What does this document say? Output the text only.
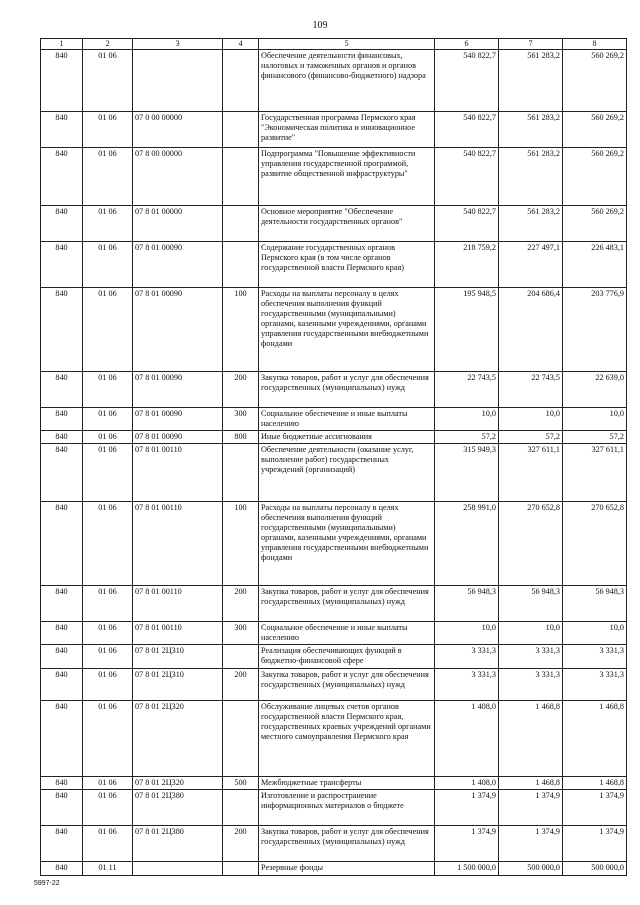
109
1	2	3	4	5	6	7	8
840	01 06			Обеспечение деятельности финансовых, налоговых и таможенных органов и органов финансового (финансово-бюджетного) надзора	540 822,7	561 283,2	560 269,2
840	01 06	07 0 00 00000		Государственная программа Пермского края "Экономическая политика и инновационное развитие"	540 822,7	561 283,2	560 269,2
840	01 06	07 8 00 00000		Подпрограмма "Повышение эффективности управления государственной программой, развитие общественной инфраструктуры"	540 822,7	561 283,2	560 269,2
840	01 06	07 8 01 00000		Основное мероприятие "Обеспечение деятельности государственных органов"	540 822,7	561 283,2	560 269,2
840	01 06	07 8 01 00090		Содержание государственных органов Пермского края (в том числе органов государственной власти Пермского края)	218 759,2	227 497,1	226 483,1
840	01 06	07 8 01 00090	100	Расходы на выплаты персоналу в целях обеспечения выполнения функций государственными (муниципальными) органами, казенными учреждениями, органами управления государственными внебюджетными фондами	195 948,5	204 686,4	203 776,9
840	01 06	07 8 01 00090	200	Закупка товаров, работ и услуг для обеспечения государственных (муниципальных) нужд	22 743,5	22 743,5	22 639,0
840	01 06	07 8 01 00090	300	Социальное обеспечение и иные выплаты населению	10,0	10,0	10,0
840	01 06	07 8 01 00090	800	Иные бюджетные ассигнования	57,2	57,2	57,2
840	01 06	07 8 01 00110		Обеспечение деятельности (оказание услуг, выполнение работ) государственных учреждений (организаций)	315 949,3	327 611,1	327 611,1
840	01 06	07 8 01 00110	100	Расходы на выплаты персоналу в целях обеспечения выполнения функций государственными (муниципальными) органами, казенными учреждениями, органами управления государственными внебюджетными фондами	258 991,0	270 652,8	270 652,8
840	01 06	07 8 01 00110	200	Закупка товаров, работ и услуг для обеспечения государственных (муниципальных) нужд	56 948,3	56 948,3	56 948,3
840	01 06	07 8 01 00110	300	Социальное обеспечение и иные выплаты населению	10,0	10,0	10,0
840	01 06	07 8 01 2Ц310		Реализация обеспечивающих функций в бюджетно-финансовой сфере	3 331,3	3 331,3	3 331,3
840	01 06	07 8 01 2Ц310	200	Закупка товаров, работ и услуг для обеспечения государственных (муниципальных) нужд	3 331,3	3 331,3	3 331,3
840	01 06	07 8 01 2Ц320		Обслуживание лицевых счетов органов государственной власти Пермского края, государственных краевых учреждений органами местного самоуправления Пермского края	1 408,0	1 468,8	1 468,8
840	01 06	07 8 01 2Ц320	500	Межбюджетные трансферты	1 408,0	1 468,8	1 468,8
840	01 06	07 8 01 2Ц380		Изготовление и распространение информационных материалов о бюджете	1 374,9	1 374,9	1 374,9
840	01 06	07 8 01 2Ц380	200	Закупка товаров, работ и услуг для обеспечения государственных (муниципальных) нужд	1 374,9	1 374,9	1 374,9
840	01 11			Резервные фонды	1 500 000,0	500 000,0	500 000,0
5997-22
